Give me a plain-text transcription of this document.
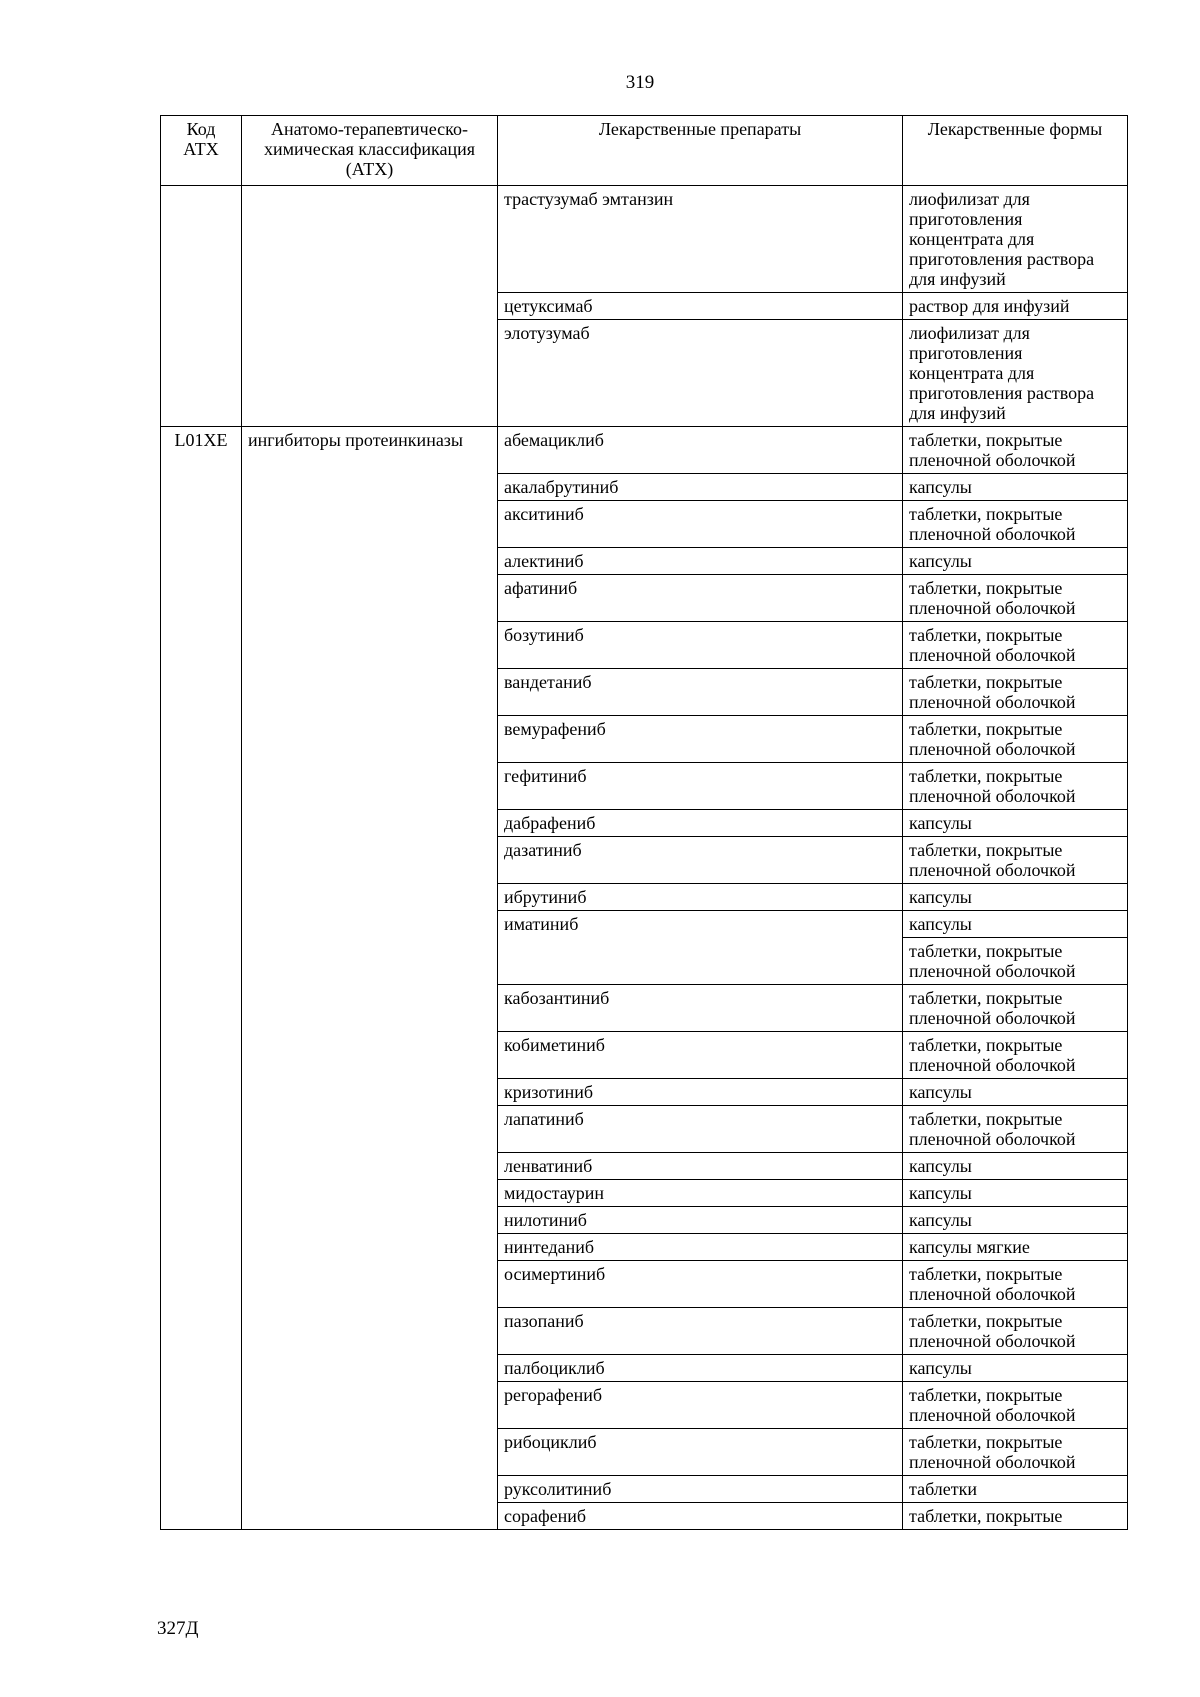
319
Код АТХ	Анатомо-терапевтическо-химическая классификация (АТХ)	Лекарственные препараты	Лекарственные формы
		трастузумаб эмтанзин	лиофилизат для приготовления концентрата для приготовления раствора для инфузий
		цетуксимаб	раствор для инфузий
		элотузумаб	лиофилизат для приготовления концентрата для приготовления раствора для инфузий
L01XE	ингибиторы протеинкиназы	абемациклиб	таблетки, покрытые пленочной оболочкой
		акалабрутиниб	капсулы
		акситиниб	таблетки, покрытые пленочной оболочкой
		алектиниб	капсулы
		афатиниб	таблетки, покрытые пленочной оболочкой
		бозутиниб	таблетки, покрытые пленочной оболочкой
		вандетаниб	таблетки, покрытые пленочной оболочкой
		вемурафениб	таблетки, покрытые пленочной оболочкой
		гефитиниб	таблетки, покрытые пленочной оболочкой
		дабрафениб	капсулы
		дазатиниб	таблетки, покрытые пленочной оболочкой
		ибрутиниб	капсулы
		иматиниб	капсулы
			таблетки, покрытые пленочной оболочкой
		кабозантиниб	таблетки, покрытые пленочной оболочкой
		кобиметиниб	таблетки, покрытые пленочной оболочкой
		кризотиниб	капсулы
		лапатиниб	таблетки, покрытые пленочной оболочкой
		ленватиниб	капсулы
		мидостаурин	капсулы
		нилотиниб	капсулы
		нинтеданиб	капсулы мягкие
		осимертиниб	таблетки, покрытые пленочной оболочкой
		пазопаниб	таблетки, покрытые пленочной оболочкой
		палбоциклиб	капсулы
		регорафениб	таблетки, покрытые пленочной оболочкой
		рибоциклиб	таблетки, покрытые пленочной оболочкой
		руксолитиниб	таблетки
		сорафениб	таблетки, покрытые
327Д
